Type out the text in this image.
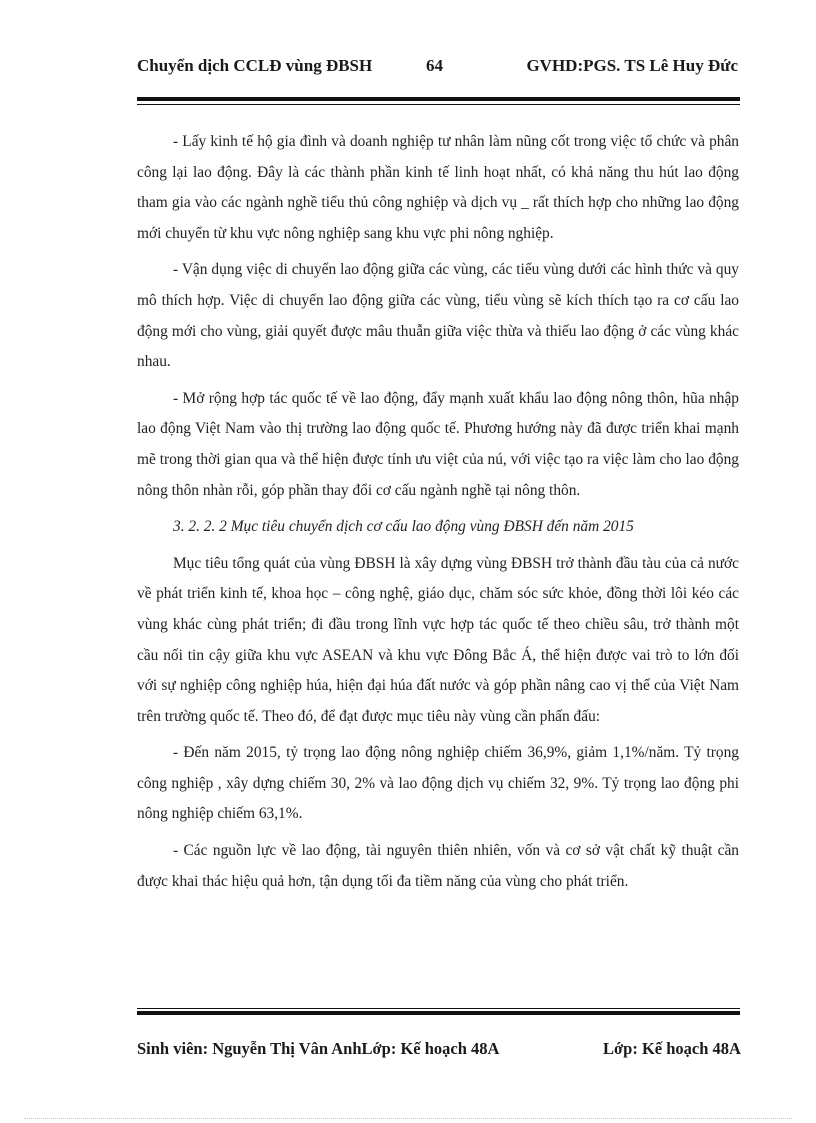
Chuyển dịch CCLĐ vùng ĐBSH	64	GVHD:PGS. TS Lê Huy Đức

- Lấy kinh tế hộ gia đình và doanh nghiệp tư nhân làm nũng cốt trong việc tổ chức và phân công lại lao động. Đây là các thành phần kinh tế linh hoạt nhất, có khả năng thu hút lao động tham gia vào các ngành nghề tiểu thủ công nghiệp và dịch vụ _ rất thích hợp cho những lao động mới chuyển từ khu vực nông nghiệp sang khu vực phi nông nghiệp.

- Vận dụng việc di chuyển lao động giữa các vùng, các tiểu vùng dưới các hình thức và quy mô thích hợp. Việc di chuyển lao động giữa các vùng, tiểu vùng sẽ kích thích tạo ra cơ cấu lao động mới cho vùng, giải quyết được mâu thuẫn giữa việc thừa và thiếu lao động ở các vùng khác nhau.

- Mở rộng hợp tác quốc tế về lao động, đẩy mạnh xuất khẩu lao động nông thôn, hũa nhập lao động Việt Nam vào thị trường lao động quốc tế. Phương hướng này đã được triển khai mạnh mẽ trong thời gian qua và thể hiện được tính ưu việt của nú, với việc tạo ra việc làm cho lao động nông thôn nhàn rỗi, góp phần thay đổi cơ cấu ngành nghề tại nông thôn.

3. 2. 2. 2 Mục tiêu chuyển dịch cơ cấu lao động vùng ĐBSH đến năm 2015

Mục tiêu tổng quát của vùng ĐBSH là xây dựng vùng ĐBSH trở thành đầu tàu của cả nước về phát triển kinh tế, khoa học – công nghệ, giáo dục, chăm sóc sức khỏe, đồng thời lôi kéo các vùng khác cùng phát triển; đi đầu trong lĩnh vực hợp tác quốc tế theo chiều sâu, trở thành một cầu nối tin cậy giữa khu vực ASEAN và khu vực Đông Bắc Á, thể hiện được vai trò to lớn đối với sự nghiệp công nghiệp húa, hiện đại húa đất nước và góp phần nâng cao vị thế của Việt Nam trên trường quốc tế. Theo đó, để đạt được mục tiêu này vùng cần phấn đấu:

- Đến năm 2015, tỷ trọng lao động nông nghiệp chiếm 36,9%, giảm 1,1%/năm. Tỷ trọng công nghiệp , xây dựng chiếm 30, 2% và lao động dịch vụ chiếm 32, 9%. Tỷ trọng lao động phi nông nghiệp chiếm 63,1%.

- Các nguồn lực về lao động, tài nguyên thiên nhiên, vốn và cơ sở vật chất kỹ thuật cần được khai thác hiệu quả hơn, tận dụng tối đa tiềm năng của vùng cho phát triển.

Sinh viên: Nguyễn Thị Vân AnhLớp: Kế hoạch 48A	Lớp: Kế hoạch 48A
